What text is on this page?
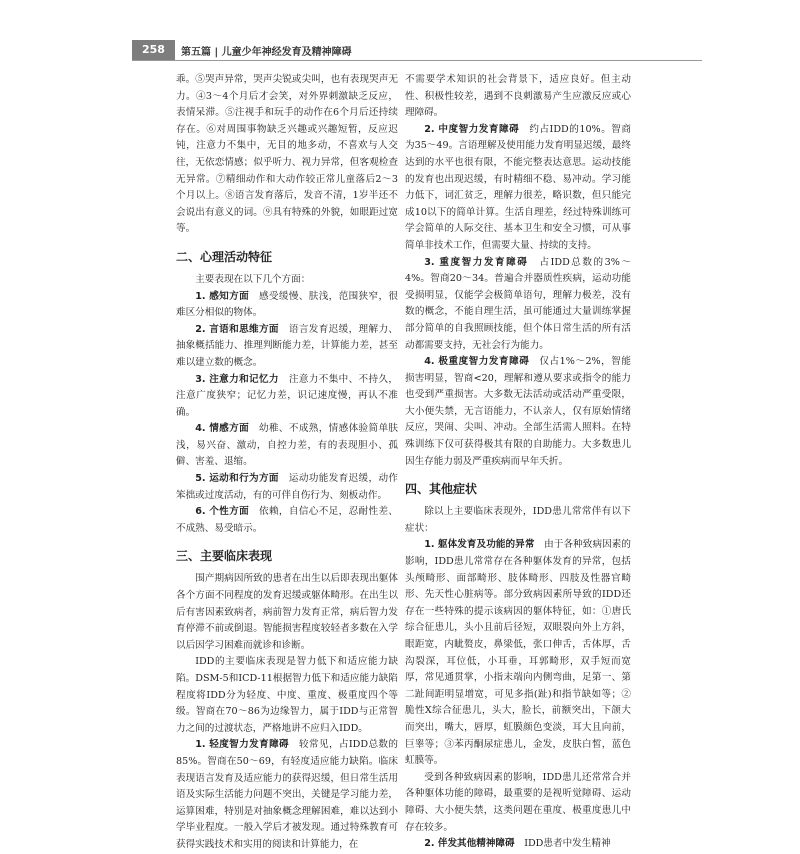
258	第五篇 | 儿童少年神经发育及精神障碍

乖。⑤哭声异常，哭声尖锐或尖叫，也有表现哭声无力。④3～4个月后才会笑，对外界刺激缺乏反应，表情呆滞。⑤注视手和玩手的动作在6个月后还持续存在。⑥对周围事物缺乏兴趣或兴趣短暂，反应迟钝，注意力不集中，无目的地多动，不喜欢与人交往，无依恋情感；似乎听力、视力异常，但客观检查无异常。⑦精细动作和大动作较正常儿童落后2～3个月以上。⑧语言发育落后，发音不清，1岁半还不会说出有意义的词。⑨具有特殊的外貌，如眼距过宽等。

二、心理活动特征

主要表现在以下几个方面：

1. 感知方面　 感受缓慢、肤浅，范围狭窄，很难区分相似的物体。

2. 言语和思维方面　 语言发育迟缓，理解力、抽象概括能力、推理判断能力差，计算能力差，甚至难以建立数的概念。

3. 注意力和记忆力　 注意力不集中、不持久，注意广度狭窄；记忆力差，识记速度慢，再认不准确。

4. 情感方面　 幼稚、不成熟，情感体验简单肤浅，易兴奋、激动，自控力差，有的表现胆小、孤僻、害羞、退缩。

5. 运动和行为方面　 运动功能发育迟缓，动作笨拙或过度活动，有的可伴自伤行为、刻板动作。

6. 个性方面　 依赖，自信心不足，忍耐性差、不成熟、易受暗示。

三、主要临床表现

围产期病因所致的患者在出生以后即表现出躯体各个方面不同程度的发育迟缓或躯体畸形。在出生以后有害因素致病者，病前智力发育正常，病后智力发育停滞不前或倒退。智能损害程度较轻者多数在入学以后因学习困难而就诊和诊断。

IDD的主要临床表现是智力低下和适应能力缺陷。DSM-5和ICD-11根据智力低下和适应能力缺陷程度将IDD分为轻度、中度、重度、极重度四个等级。智商在70～86为边缘智力，属于IDD与正常智力之间的过渡状态，严格地讲不应归入IDD。

1. 轻度智力发育障碍　 较常见，占IDD总数的85%。智商在50～69，有轻度适应能力缺陷。临床表现语言发育及适应能力的获得迟缓，但日常生活用语及实际生活能力问题不突出，关键是学习能力差，运算困难，特别是对抽象概念理解困难，难以达到小学毕业程度。一般入学后才被发现。通过特殊教育可获得实践技术和实用的阅读和计算能力，在

不需要学术知识的社会背景下，适应良好。但主动性、积极性较差，遇到不良刺激易产生应激反应或心理障碍。

2. 中度智力发育障碍　 约占IDD的10%。智商为35～49。言语理解及使用能力发育明显迟缓，最终达到的水平也很有限，不能完整表达意思。运动技能的发育也出现迟缓，有时精细不稳、易冲动。学习能力低下，词汇贫乏，理解力很差，略识数，但只能完成10以下的简单计算。生活自理差，经过特殊训练可学会简单的人际交往、基本卫生和安全习惯，可从事简单非技术工作，但需要大量、持续的支持。

3. 重度智力发育障碍　 占IDD总数的3%～4%。智商20～34。普遍合并器质性疾病，运动功能受损明显，仅能学会极简单语句，理解力极差，没有数的概念，不能自理生活，虽可能通过大量训练掌握部分简单的自我照顾技能，但个体日常生活的所有活动都需要支持，无社会行为能力。

4. 极重度智力发育障碍　 仅占1%～2%，智能损害明显，智商<20，理解和遵从要求或指令的能力也受到严重损害。大多数无法活动或活动严重受限，大小便失禁，无言语能力，不认亲人，仅有原始情绪反应，哭闹、尖叫、冲动。全部生活需人照料。在特殊训练下仅可获得极其有限的自助能力。大多数患儿因生存能力弱及严重疾病而早年夭折。

四、其他症状

除以上主要临床表现外，IDD患儿常常伴有以下症状：

1. 躯体发育及功能的异常　 由于各种致病因素的影响，IDD患儿常常存在各种躯体发育的异常，包括头颅畸形、面部畸形、肢体畸形、四肢及性器官畸形、先天性心脏病等。部分致病因素所导致的IDD还存在一些特殊的提示该病因的躯体特征，如：①唐氏综合征患儿，头小且前后径短，双眼裂向外上方斜，眼距宽，内眦赘皮，鼻梁低，张口伸舌，舌体厚，舌沟裂深，耳位低，小耳垂，耳郭畸形，双手短而宽厚，常见通贯掌，小指末端向内侧弯曲，足第一、第二趾间距明显增宽，可见多指(趾)和指节缺如等；②脆性X综合征患儿，头大，脸长，前额突出，下颌大而突出，嘴大，唇厚，虹膜颜色变淡，耳大且向前，巨睾等；③苯丙酮尿症患儿，金发，皮肤白皙，蓝色虹膜等。

受到各种致病因素的影响，IDD患儿还常常合并各种躯体功能的障碍，最重要的是视听觉障碍、运动障碍、大小便失禁，这类问题在重度、极重度患儿中存在较多。

2. 伴发其他精神障碍　 IDD患者中发生精神
